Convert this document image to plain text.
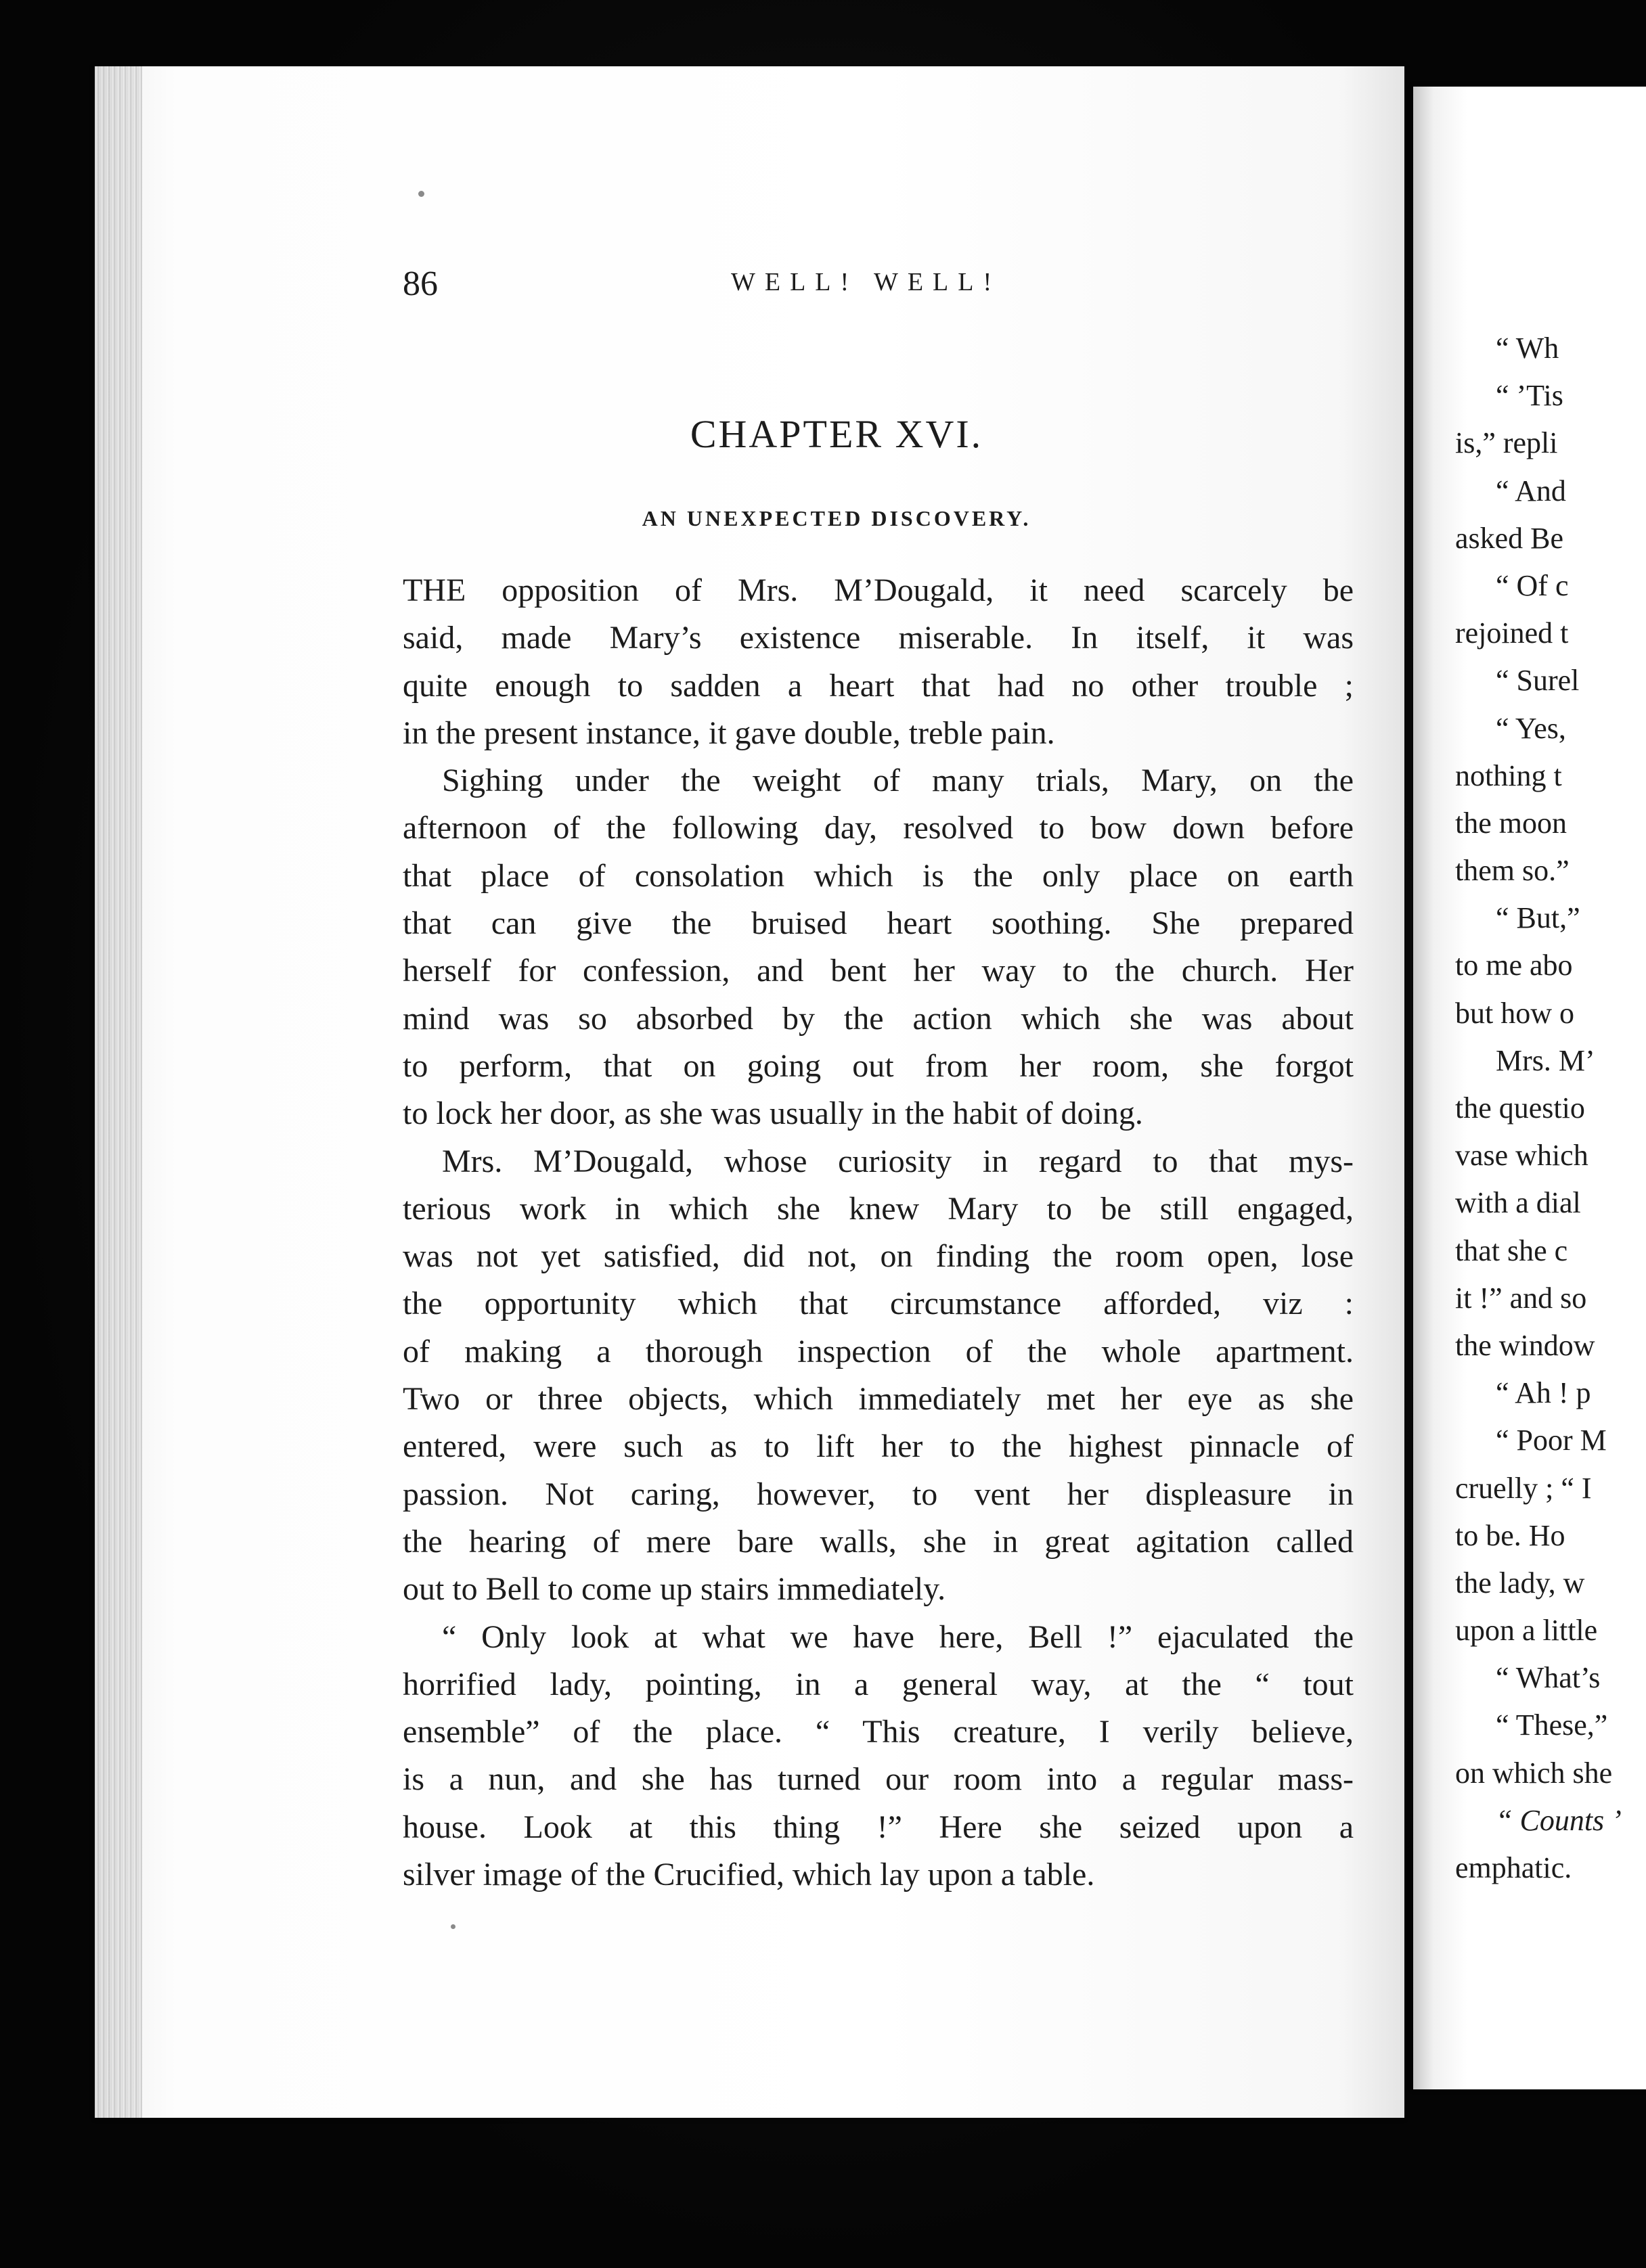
86	WELL! WELL!
CHAPTER XVI.
AN UNEXPECTED DISCOVERY.
THE opposition of Mrs. M’Dougald, it need scarcely be
said, made Mary’s existence miserable. In itself, it was
quite enough to sadden a heart that had no other trouble ;
in the present instance, it gave double, treble pain.
Sighing under the weight of many trials, Mary, on the
afternoon of the following day, resolved to bow down before
that place of consolation which is the only place on earth
that can give the bruised heart soothing. She prepared
herself for confession, and bent her way to the church. Her
mind was so absorbed by the action which she was about
to perform, that on going out from her room, she forgot
to lock her door, as she was usually in the habit of doing.
Mrs. M’Dougald, whose curiosity in regard to that mys-
terious work in which she knew Mary to be still engaged,
was not yet satisfied, did not, on finding the room open, lose
the opportunity which that circumstance afforded, viz :
of making a thorough inspection of the whole apartment.
Two or three objects, which immediately met her eye as she
entered, were such as to lift her to the highest pinnacle of
passion. Not caring, however, to vent her displeasure in
the hearing of mere bare walls, she in great agitation called
out to Bell to come up stairs immediately.
“ Only look at what we have here, Bell !” ejaculated the
horrified lady, pointing, in a general way, at the “ tout
ensemble” of the place. “ This creature, I verily believe,
is a nun, and she has turned our room into a regular mass-
house. Look at this thing !” Here she seized upon a
silver image of the Crucified, which lay upon a table.
“ Wh
“ ’Tis
is,” repli
“ And
asked Be
“ Of c
rejoined t
“ Surel
“ Yes,
nothing t
the moon
them so.”
“ But,”
to me abo
but how o
Mrs. M’
the questio
vase which
with a dial
that she c
it !” and so
the window
“ Ah ! p
“ Poor M
cruelly ; “ I
to be. Ho
the lady, w
upon a little
“ What’s
“ These,”
on which she
“ Counts ’
emphatic.
